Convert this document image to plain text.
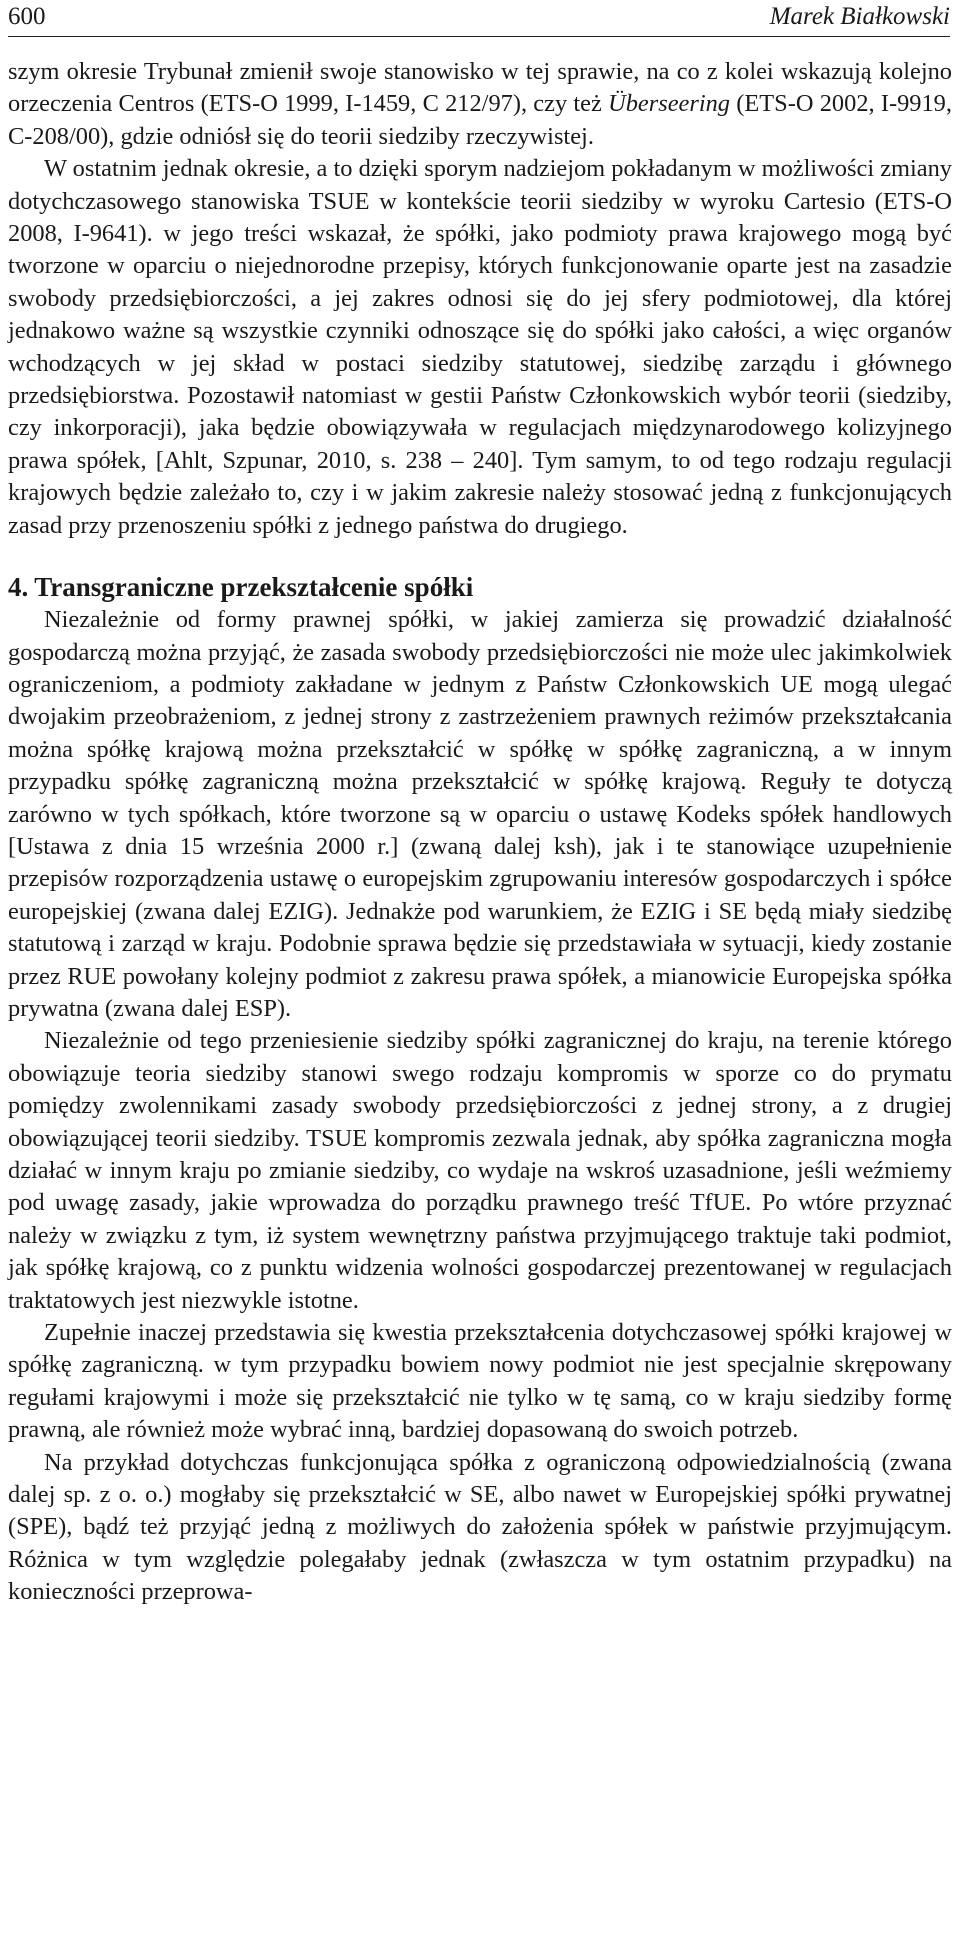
600	Marek Białkowski

szym okresie Trybunał zmienił swoje stanowisko w tej sprawie, na co z kolei wskazują kolejno orzeczenia Centros (ETS-O 1999, I-1459, C 212/97), czy też Überseering (ETS-O 2002, I-9919, C-208/00), gdzie odniósł się do teorii siedziby rzeczywistej.

W ostatnim jednak okresie, a to dzięki sporym nadziejom pokładanym w możliwości zmiany dotychczasowego stanowiska TSUE w kontekście teorii siedziby w wyroku Cartesio (ETS-O 2008, I-9641). w jego treści wskazał, że spółki, jako podmioty prawa krajowego mogą być tworzone w oparciu o niejednorodne przepisy, których funkcjonowanie oparte jest na zasadzie swobody przedsiębiorczości, a jej zakres odnosi się do jej sfery podmiotowej, dla której jednakowo ważne są wszystkie czynniki odnoszące się do spółki jako całości, a więc organów wchodzących w jej skład w postaci siedziby statutowej, siedzibę zarządu i głównego przedsiębiorstwa. Pozostawił natomiast w gestii Państw Członkowskich wybór teorii (siedziby, czy inkorporacji), jaka będzie obowiązywała w regulacjach międzynarodowego kolizyjnego prawa spółek, [Ahlt, Szpunar, 2010, s. 238 – 240]. Tym samym, to od tego rodzaju regulacji krajowych będzie zależało to, czy i w jakim zakresie należy stosować jedną z funkcjonujących zasad przy przenoszeniu spółki z jednego państwa do drugiego.

4. Transgraniczne przekształcenie spółki

Niezależnie od formy prawnej spółki, w jakiej zamierza się prowadzić działalność gospodarczą można przyjąć, że zasada swobody przedsiębiorczości nie może ulec jakimkolwiek ograniczeniom, a podmioty zakładane w jednym z Państw Członkowskich UE mogą ulegać dwojakim przeobrażeniom, z jednej strony z zastrzeżeniem prawnych reżimów przekształcania można spółkę krajową można przekształcić w spółkę w spółkę zagraniczną, a w innym przypadku spółkę zagraniczną można przekształcić w spółkę krajową. Reguły te dotyczą zarówno w tych spółkach, które tworzone są w oparciu o ustawę Kodeks spółek handlowych [Ustawa z dnia 15 września 2000 r.] (zwaną dalej ksh), jak i te stanowiące uzupełnienie przepisów rozporządzenia ustawę o europejskim zgrupowaniu interesów gospodarczych i spółce europejskiej (zwana dalej EZIG). Jednakże pod warunkiem, że EZIG i SE będą miały siedzibę statutową i zarząd w kraju. Podobnie sprawa będzie się przedstawiała w sytuacji, kiedy zostanie przez RUE powołany kolejny podmiot z zakresu prawa spółek, a mianowicie Europejska spółka prywatna (zwana dalej ESP).

Niezależnie od tego przeniesienie siedziby spółki zagranicznej do kraju, na terenie którego obowiązuje teoria siedziby stanowi swego rodzaju kompromis w sporze co do prymatu pomiędzy zwolennikami zasady swobody przedsiębiorczości z jednej strony, a z drugiej obowiązującej teorii siedziby. TSUE kompromis zezwala jednak, aby spółka zagraniczna mogła działać w innym kraju po zmianie siedziby, co wydaje na wskroś uzasadnione, jeśli weźmiemy pod uwagę zasady, jakie wprowadza do porządku prawnego treść TfUE. Po wtóre przyznać należy w związku z tym, iż system wewnętrzny państwa przyjmującego traktuje taki podmiot, jak spółkę krajową, co z punktu widzenia wolności gospodarczej prezentowanej w regulacjach traktatowych jest niezwykle istotne.

Zupełnie inaczej przedstawia się kwestia przekształcenia dotychczasowej spółki krajowej w spółkę zagraniczną. w tym przypadku bowiem nowy podmiot nie jest specjalnie skrępowany regułami krajowymi i może się przekształcić nie tylko w tę samą, co w kraju siedziby formę prawną, ale również może wybrać inną, bardziej dopasowaną do swoich potrzeb.

Na przykład dotychczas funkcjonująca spółka z ograniczoną odpowiedzialnością (zwana dalej sp. z o. o.) mogłaby się przekształcić w SE, albo nawet w Europejskiej spółki prywatnej (SPE), bądź też przyjąć jedną z możliwych do założenia spółek w państwie przyjmującym. Różnica w tym względzie polegałaby jednak (zwłaszcza w tym ostatnim przypadku) na konieczności przeprowa-
